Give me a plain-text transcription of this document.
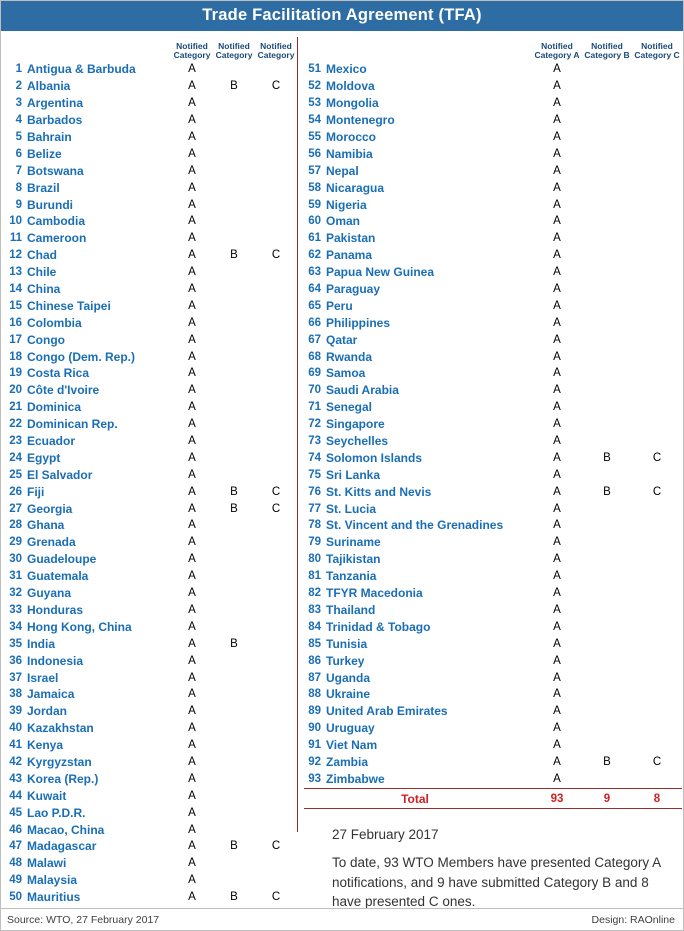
Trade Facilitation Agreement (TFA)
Notified Category
Notified Category
Notified Category
1	Antigua & Barbuda	A		
2	Albania	A	B	C
3	Argentina	A		
4	Barbados	A		
5	Bahrain	A		
6	Belize	A		
7	Botswana	A		
8	Brazil	A		
9	Burundi	A		
10	Cambodia	A		
11	Cameroon	A		
12	Chad	A	B	C
13	Chile	A		
14	China	A		
15	Chinese Taipei	A		
16	Colombia	A		
17	Congo	A		
18	Congo (Dem. Rep.)	A		
19	Costa Rica	A		
20	Côte d'Ivoire	A		
21	Dominica	A		
22	Dominican Rep.	A		
23	Ecuador	A		
24	Egypt	A		
25	El Salvador	A		
26	Fiji	A	B	C
27	Georgia	A	B	C
28	Ghana	A		
29	Grenada	A		
30	Guadeloupe	A		
31	Guatemala	A		
32	Guyana	A		
33	Honduras	A		
34	Hong Kong, China	A		
35	India	A	B	
36	Indonesia	A		
37	Israel	A		
38	Jamaica	A		
39	Jordan	A		
40	Kazakhstan	A		
41	Kenya	A		
42	Kyrgyzstan	A		
43	Korea (Rep.)	A		
44	Kuwait	A		
45	Lao P.D.R.	A		
46	Macao, China	A		
47	Madagascar	A	B	C
48	Malawi	A		
49	Malaysia	A		
50	Mauritius	A	B	C
Notified Category A
Notified Category B
Notified Category C
51	Mexico	A		
52	Moldova	A		
53	Mongolia	A		
54	Montenegro	A		
55	Morocco	A		
56	Namibia	A		
57	Nepal	A		
58	Nicaragua	A		
59	Nigeria	A		
60	Oman	A		
61	Pakistan	A		
62	Panama	A		
63	Papua New Guinea	A		
64	Paraguay	A		
65	Peru	A		
66	Philippines	A		
67	Qatar	A		
68	Rwanda	A		
69	Samoa	A		
70	Saudi Arabia	A		
71	Senegal	A		
72	Singapore	A		
73	Seychelles	A		
74	Solomon Islands	A	B	C
75	Sri Lanka	A		
76	St. Kitts and Nevis	A	B	C
77	St. Lucia	A		
78	St. Vincent and the Grenadines	A		
79	Suriname	A		
80	Tajikistan	A		
81	Tanzania	A		
82	TFYR Macedonia	A		
83	Thailand	A		
84	Trinidad & Tobago	A		
85	Tunisia	A		
86	Turkey	A		
87	Uganda	A		
88	Ukraine	A		
89	United Arab Emirates	A		
90	Uruguay	A		
91	Viet Nam	A		
92	Zambia	A	B	C
93	Zimbabwe	A		
	Total	93	9	8
27 February 2017
To date, 93 WTO Members have presented Category A notifications, and 9 have submitted Category B and 8 have presented C ones.
Source: WTO, 27 February 2017	Design: RAOnline
